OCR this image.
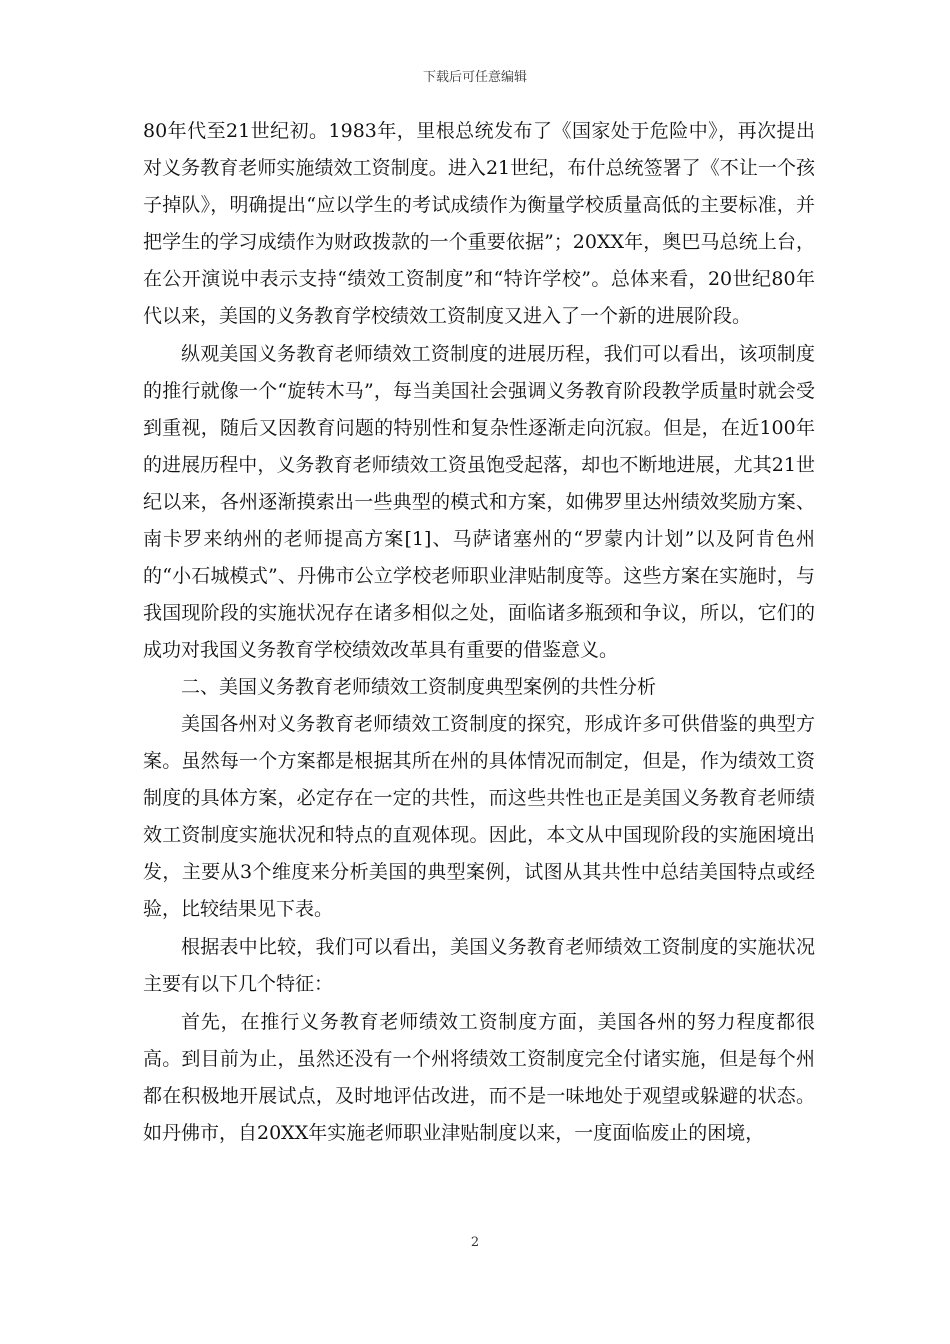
下载后可任意编辑

80年代至21世纪初。1983年，里根总统发布了《国家处于危险中》，再次提出对义务教育老师实施绩效工资制度。进入21世纪，布什总统签署了《不让一个孩子掉队》，明确提出“应以学生的考试成绩作为衡量学校质量高低的主要标准，并把学生的学习成绩作为财政拨款的一个重要依据”；20XX年，奥巴马总统上台，在公开演说中表示支持“绩效工资制度”和“特许学校”。总体来看，20世纪80年代以来，美国的义务教育学校绩效工资制度又进入了一个新的进展阶段。

纵观美国义务教育老师绩效工资制度的进展历程，我们可以看出，该项制度的推行就像一个“旋转木马”，每当美国社会强调义务教育阶段教学质量时就会受到重视，随后又因教育问题的特别性和复杂性逐渐走向沉寂。但是，在近100年的进展历程中，义务教育老师绩效工资虽饱受起落，却也不断地进展，尤其21世纪以来，各州逐渐摸索出一些典型的模式和方案，如佛罗里达州绩效奖励方案、南卡罗来纳州的老师提高方案[1]、马萨诸塞州的“罗蒙内计划”以及阿肯色州的“小石城模式”、丹佛市公立学校老师职业津贴制度等。这些方案在实施时，与我国现阶段的实施状况存在诸多相似之处，面临诸多瓶颈和争议，所以，它们的成功对我国义务教育学校绩效改革具有重要的借鉴意义。

二、美国义务教育老师绩效工资制度典型案例的共性分析

美国各州对义务教育老师绩效工资制度的探究，形成许多可供借鉴的典型方案。虽然每一个方案都是根据其所在州的具体情况而制定，但是，作为绩效工资制度的具体方案，必定存在一定的共性，而这些共性也正是美国义务教育老师绩效工资制度实施状况和特点的直观体现。因此，本文从中国现阶段的实施困境出发，主要从3个维度来分析美国的典型案例，试图从其共性中总结美国特点或经验，比较结果见下表。

根据表中比较，我们可以看出，美国义务教育老师绩效工资制度的实施状况主要有以下几个特征：

首先，在推行义务教育老师绩效工资制度方面，美国各州的努力程度都很高。到目前为止，虽然还没有一个州将绩效工资制度完全付诸实施，但是每个州都在积极地开展试点，及时地评估改进，而不是一味地处于观望或躲避的状态。如丹佛市，自20XX年实施老师职业津贴制度以来，一度面临废止的困境，

2
